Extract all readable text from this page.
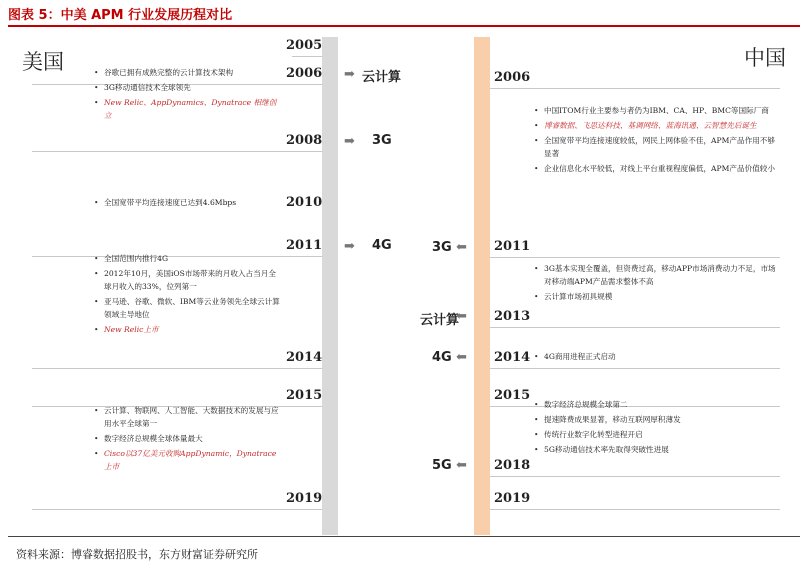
图表 5：中美 APM 行业发展历程对比
美国	中国
2005
2006 ➡ 云计算
• 谷歌已拥有成熟完整的云计算技术架构
• 3G移动通信技术全球领先
• New Relic、AppDynamics、Dynatrace 相继创立
2008 ➡ 3G
• 全国宽带平均连接速度已达到4.6Mbps	2010
2011 ➡ 4G
• 全国范围内推行4G
• 2012年10月，美国iOS市场带来的月收入占当月全球月收入的33%，位列第一
• 亚马逊、谷歌、微软、IBM等云业务领先全球云计算领域主导地位
• New Relic上市
2014
2015
• 云计算、物联网、人工智能、大数据技术的发展与应用水平全球第一
• 数字经济总规模全球体量最大
• Cisco以37亿美元收购AppDynamic，Dynatrace上市
2019
2006
• 中国ITOM行业主要参与者仍为IBM、CA、HP、BMC等国际厂商
• 博睿数据、飞思达科技、基调网络、蓝海讯通、云智慧先后诞生
• 全国宽带平均连接速度较低，网民上网体验不佳，APM产品作用不够显著
• 企业信息化水平较低，对线上平台重视程度偏低，APM产品价值较小
3G ⬅ 2011
• 3G基本实现全覆盖，但资费过高，移动APP市场消费动力不足，市场对移动端APM产品需求整体不高
• 云计算市场初具规模
云计算
⬅ 2013
4G ⬅ 2014
•	4G商用进程正式启动
2015
• 数字经济总规模全球第二
• 提速降费成果显著，移动互联网厚积薄发
• 传统行业数字化转型进程开启
• 5G移动通信技术率先取得突破性进展
5G ⬅ 2018
2019
资料来源：博睿数据招股书，东方财富证券研究所
